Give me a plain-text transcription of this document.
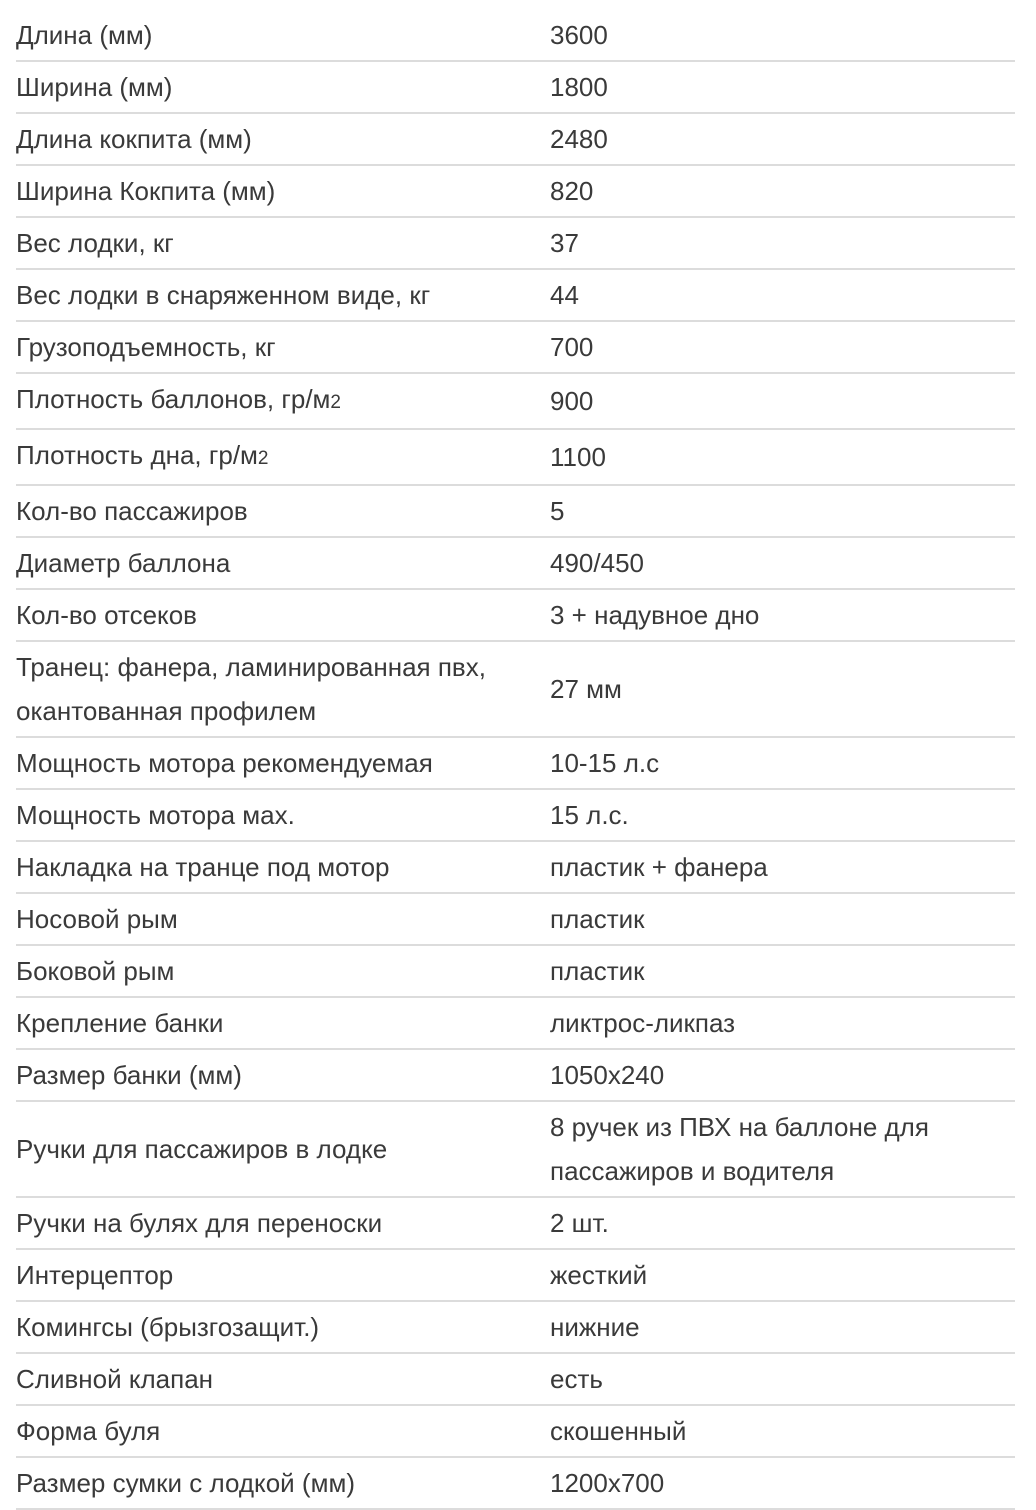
Длина (мм)	3600
Ширина (мм)	1800
Длина кокпита (мм)	2480
Ширина Кокпита (мм)	820
Вес лодки, кг	37
Вес лодки в снаряженном виде, кг	44
Грузоподъемность, кг	700
Плотность баллонов, гр/м2	900
Плотность дна, гр/м2	1100
Кол-во пассажиров	5
Диаметр баллона	490/450
Кол-во отсеков	3 + надувное дно
Транец: фанера, ламинированная пвх, окантованная профилем	27 мм
Мощность мотора рекомендуемая	10-15 л.с
Мощность мотора мах.	15 л.с.
Накладка на транце под мотор	пластик + фанера
Носовой рым	пластик
Боковой рым	пластик
Крепление банки	ликтрос-ликпаз
Размер банки (мм)	1050х240
Ручки для пассажиров в лодке	8 ручек из ПВХ на баллоне для пассажиров и водителя
Ручки на булях для переноски	2 шт.
Интерцептор	жесткий
Комингсы (брызгозащит.)	нижние
Сливной клапан	есть
Форма буля	скошенный
Размер сумки с лодкой (мм)	1200х700
